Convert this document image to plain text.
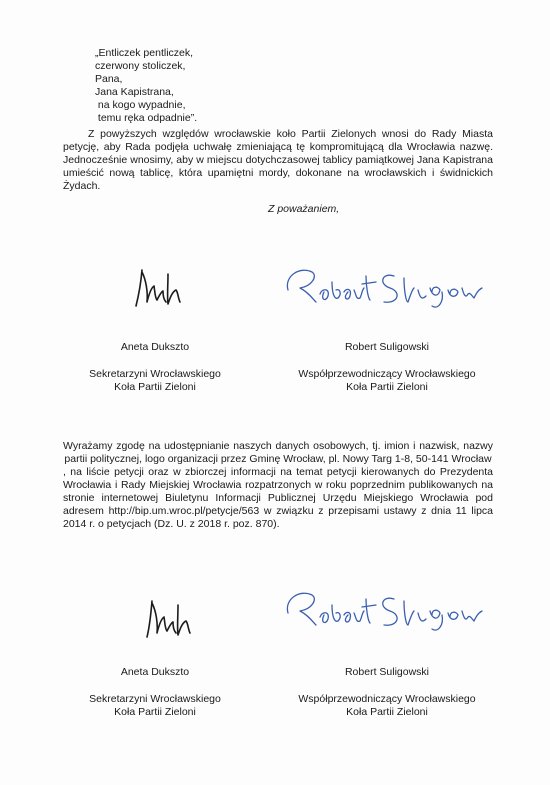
„Entliczek pentliczek,
czerwony stoliczek,
Pana,
Jana Kapistrana,
na kogo wypadnie,
temu ręka odpadnie”.
Z powyższych względów wrocławskie koło Partii Zielonych wnosi do Rady Miasta
petycję, aby Rada podjęła uchwałę zmieniającą tę kompromitującą dla Wrocławia nazwę.
Jednocześnie wnosimy, aby w miejscu dotychczasowej tablicy pamiątkowej Jana Kapistrana
umieścić nową tablicę, która upamiętni mordy, dokonane na wrocławskich i świdnickich
Żydach.
Z poważaniem,
Aneta Dukszto
Sekretarzyni Wrocławskiego
Koła Partii Zieloni
Robert Suligowski
Współprzewodniczący Wrocławskiego
Koła Partii Zieloni
Wyrażamy zgodę na udostępnianie naszych danych osobowych, tj. imion i nazwisk, nazwy
partii politycznej, logo organizacji przez Gminę Wrocław, pl. Nowy Targ 1-8, 50-141 Wrocław
, na liście petycji oraz w zbiorczej informacji na temat petycji kierowanych do Prezydenta
Wrocławia i Rady Miejskiej Wrocławia rozpatrzonych w roku poprzednim publikowanych na
stronie internetowej Biuletynu Informacji Publicznej Urzędu Miejskiego Wrocławia pod
adresem http://bip.um.wroc.pl/petycje/563 w związku z przepisami ustawy z dnia 11 lipca
2014 r. o petycjach (Dz. U. z 2018 r. poz. 870).
Aneta Dukszto
Sekretarzyni Wrocławskiego
Koła Partii Zieloni
Robert Suligowski
Współprzewodniczący Wrocławskiego
Koła Partii Zieloni
